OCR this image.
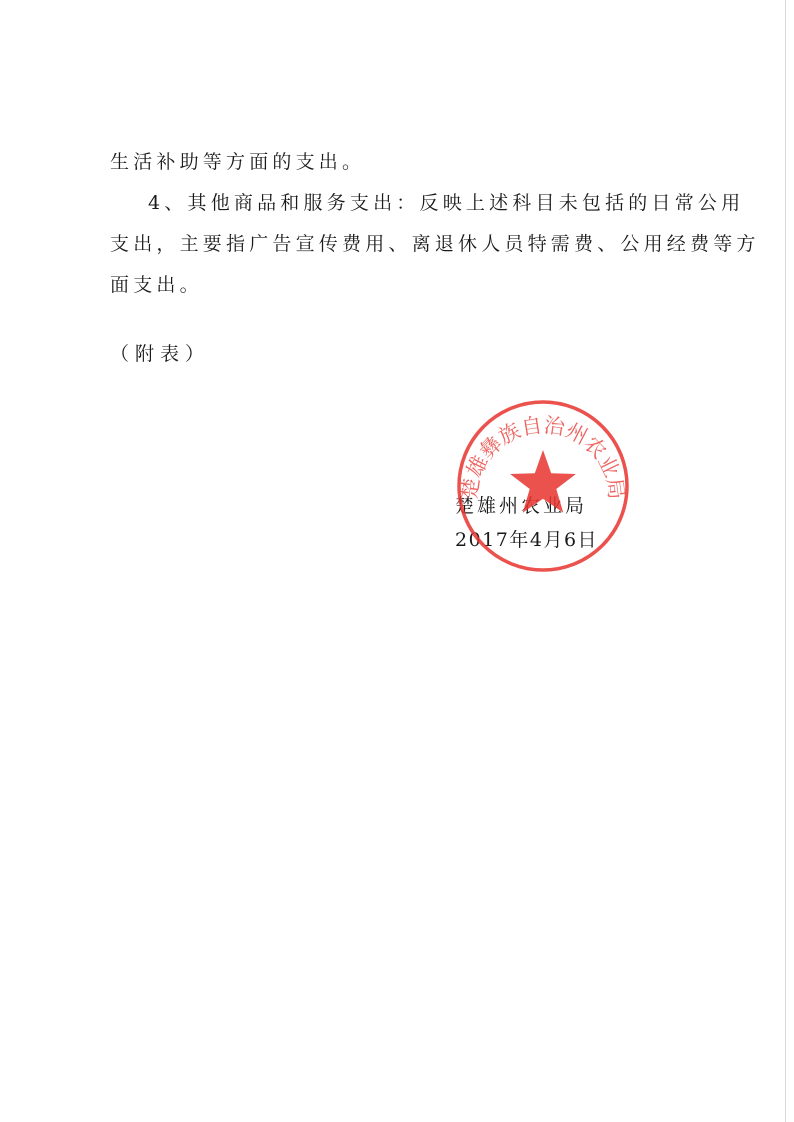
生活补助等方面的支出。
4、其他商品和服务支出：反映上述科目未包括的日常公用
支出，主要指广告宣传费用、离退休人员特需费、公用经费等方
面支出。
（附表）
楚雄州农业局
2017年4月6日
楚雄彝族自治州农业局
